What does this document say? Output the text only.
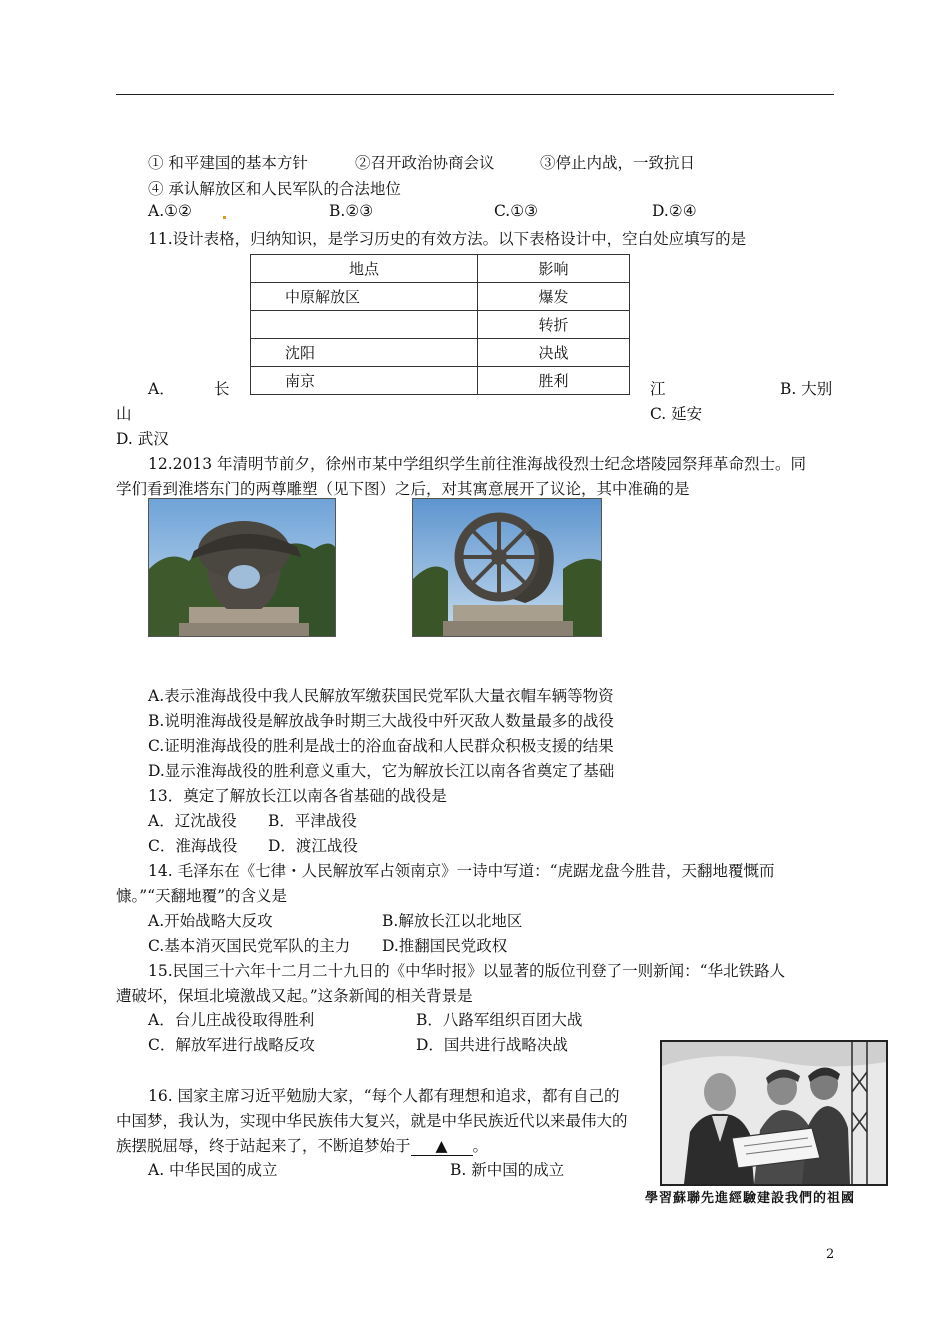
① 和平建国的基本方针	②召开政治协商会议	③停止内战，一致抗日
④ 承认解放区和人民军队的合法地位
A.①②	B.②③	C.①③	D.②④
11.设计表格，归纳知识，是学习历史的有效方法。以下表格设计中，空白处应填写的是
地点	影响
中原解放区	爆发
	转折
沈阳	决战
南京	胜利
A．	长	江	B. 大别
山	C. 延安
D. 武汉
12.2013 年清明节前夕，徐州市某中学组织学生前往淮海战役烈士纪念塔陵园祭拜革命烈士。同
学们看到淮塔东门的两尊雕塑（见下图）之后，对其寓意展开了议论，其中准确的是
A.表示淮海战役中我人民解放军缴获国民党军队大量衣帽车辆等物资
B.说明淮海战役是解放战争时期三大战役中歼灭敌人数量最多的战役
C.证明淮海战役的胜利是战士的浴血奋战和人民群众积极支援的结果
D.显示淮海战役的胜利意义重大，它为解放长江以南各省奠定了基础
13．奠定了解放长江以南各省基础的战役是
A．辽沈战役 B．平津战役
C．淮海战役 D．渡江战役
14. 毛泽东在《七律・人民解放军占领南京》一诗中写道：“虎踞龙盘今胜昔，天翻地覆慨而
慷。”“天翻地覆”的含义是
A.开始战略大反攻	B.解放长江以北地区
C.基本消灭国民党军队的主力 D.推翻国民党政权
15.民国三十六年十二月二十九日的《中华时报》以显著的版位刊登了一则新闻：“华北铁路人
遭破坏，保垣北境激战又起。”这条新闻的相关背景是
A．台儿庄战役取得胜利	B．八路军组织百团大战
C．解放军进行战略反攻	D．国共进行战略决战
學習蘇聯先進經驗建設我們的祖國
16. 国家主席习近平勉励大家，“每个人都有理想和追求，都有自己的
中国梦，我认为，实现中华民族伟大复兴，就是中华民族近代以来最伟大的
族摆脱屈辱，终于站起来了，不断追梦始于 ▲ 。
A. 中华民国的成立	B. 新中国的成立
2
